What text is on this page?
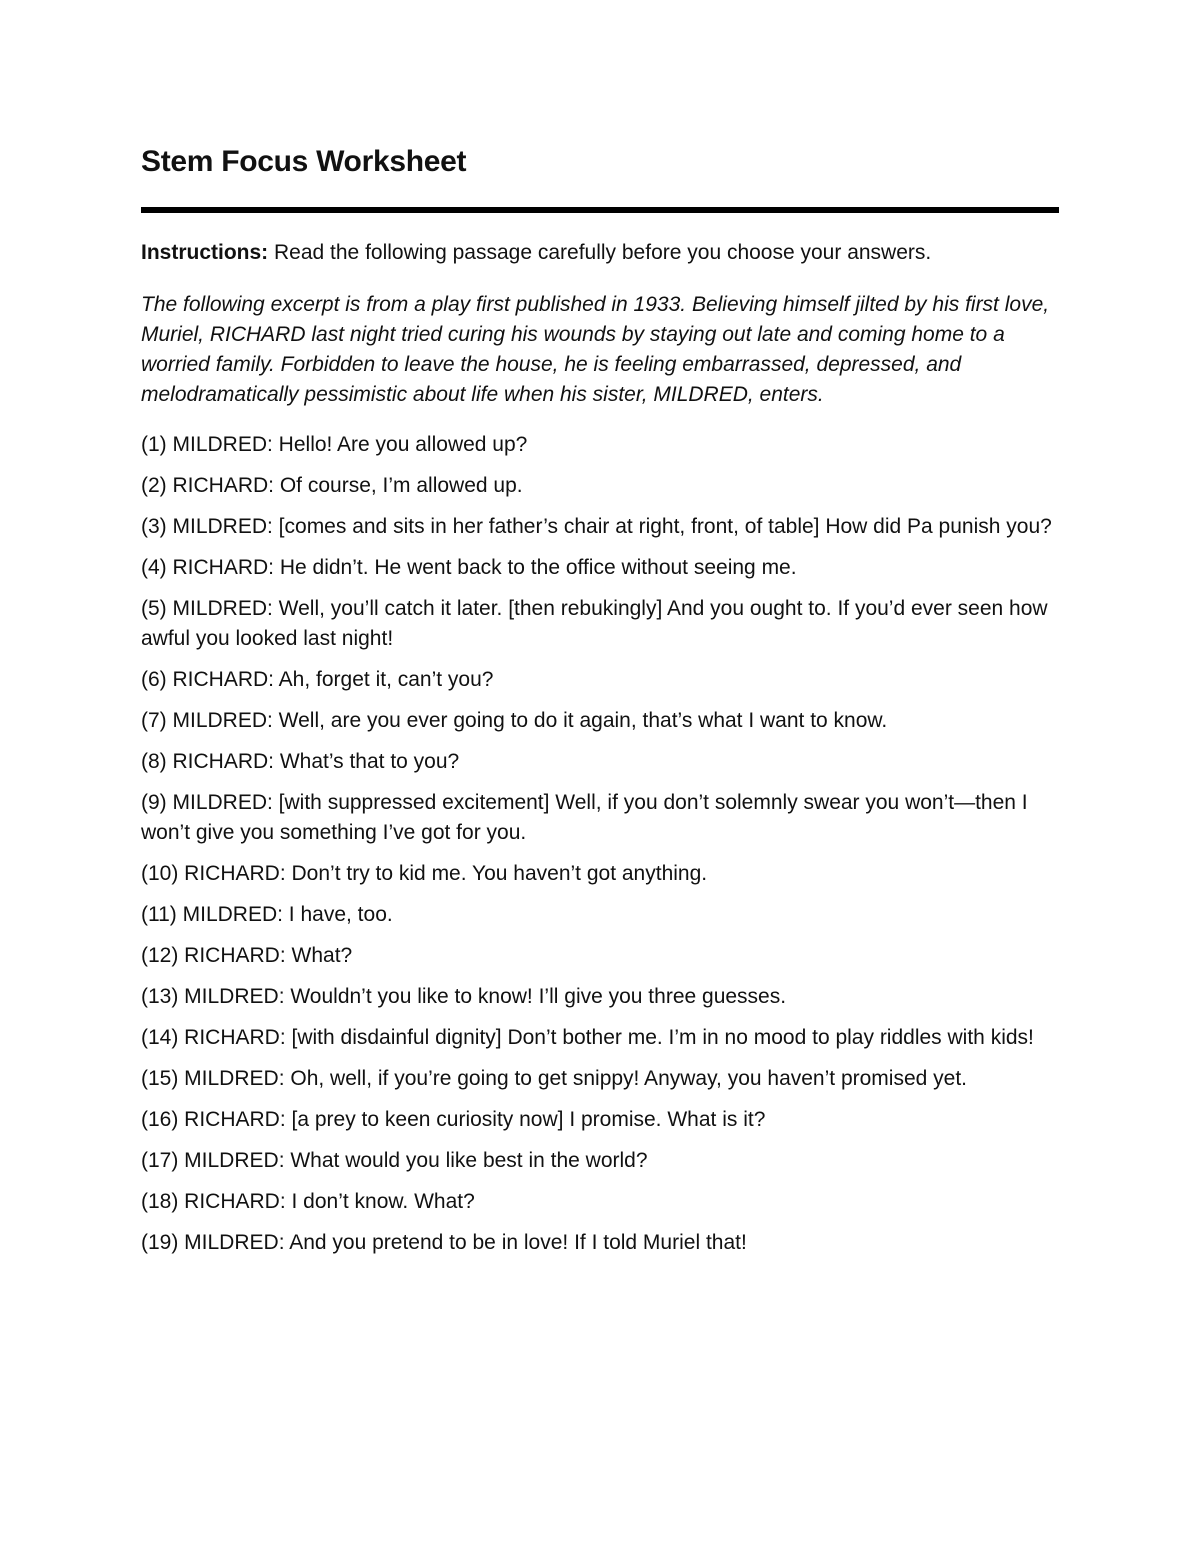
Stem Focus Worksheet

Instructions: Read the following passage carefully before you choose your answers.

The following excerpt is from a play first published in 1933. Believing himself jilted by his first love, Muriel, RICHARD last night tried curing his wounds by staying out late and coming home to a worried family. Forbidden to leave the house, he is feeling embarrassed, depressed, and melodramatically pessimistic about life when his sister, MILDRED, enters.

(1) MILDRED: Hello! Are you allowed up?

(2) RICHARD: Of course, I’m allowed up.

(3) MILDRED: [comes and sits in her father’s chair at right, front, of table] How did Pa punish you?

(4) RICHARD: He didn’t. He went back to the office without seeing me.

(5) MILDRED: Well, you’ll catch it later. [then rebukingly] And you ought to. If you’d ever seen how awful you looked last night!

(6) RICHARD: Ah, forget it, can’t you?

(7) MILDRED: Well, are you ever going to do it again, that’s what I want to know.

(8) RICHARD: What’s that to you?

(9) MILDRED: [with suppressed excitement] Well, if you don’t solemnly swear you won’t—then I won’t give you something I’ve got for you.

(10) RICHARD: Don’t try to kid me. You haven’t got anything.

(11) MILDRED: I have, too.

(12) RICHARD: What?

(13) MILDRED: Wouldn’t you like to know! I’ll give you three guesses.

(14) RICHARD: [with disdainful dignity] Don’t bother me. I’m in no mood to play riddles with kids!

(15) MILDRED: Oh, well, if you’re going to get snippy! Anyway, you haven’t promised yet.

(16) RICHARD: [a prey to keen curiosity now] I promise. What is it?

(17) MILDRED: What would you like best in the world?

(18) RICHARD: I don’t know. What?

(19) MILDRED: And you pretend to be in love! If I told Muriel that!
